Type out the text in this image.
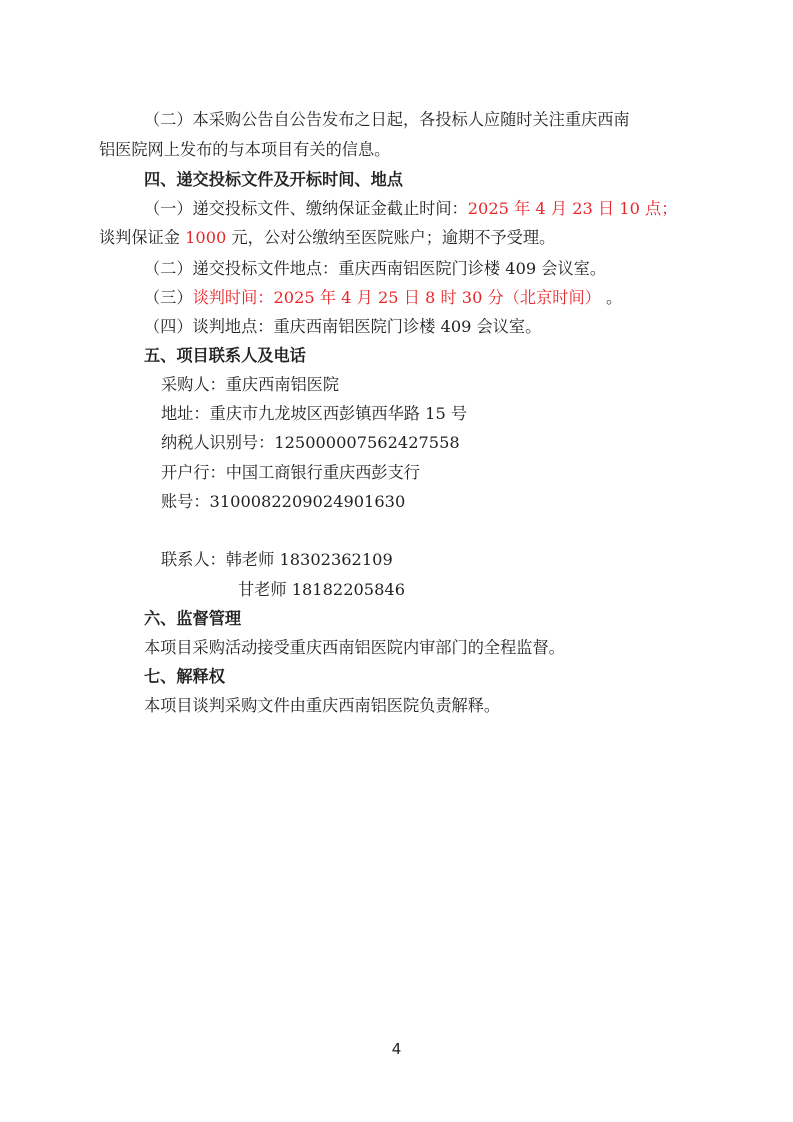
（二）本采购公告自公告发布之日起，各投标人应随时关注重庆西南
铝医院网上发布的与本项目有关的信息。
四、递交投标文件及开标时间、地点
（一）递交投标文件、缴纳保证金截止时间：2025 年 4 月 23 日 10 点；
谈判保证金 1000 元，公对公缴纳至医院账户；逾期不予受理。
（二）递交投标文件地点：重庆西南铝医院门诊楼 409 会议室。
（三）谈判时间：2025 年 4 月 25 日 8 时 30 分（北京时间） 。
（四）谈判地点：重庆西南铝医院门诊楼 409 会议室。
五、项目联系人及电话
采购人：重庆西南铝医院
地址：重庆市九龙坡区西彭镇西华路 15 号
纳税人识别号：125000007562427558
开户行：中国工商银行重庆西彭支行
账号：3100082209024901630
联系人：韩老师 18302362109
甘老师 18182205846
六、监督管理
本项目采购活动接受重庆西南铝医院内审部门的全程监督。
七、解释权
本项目谈判采购文件由重庆西南铝医院负责解释。
4
